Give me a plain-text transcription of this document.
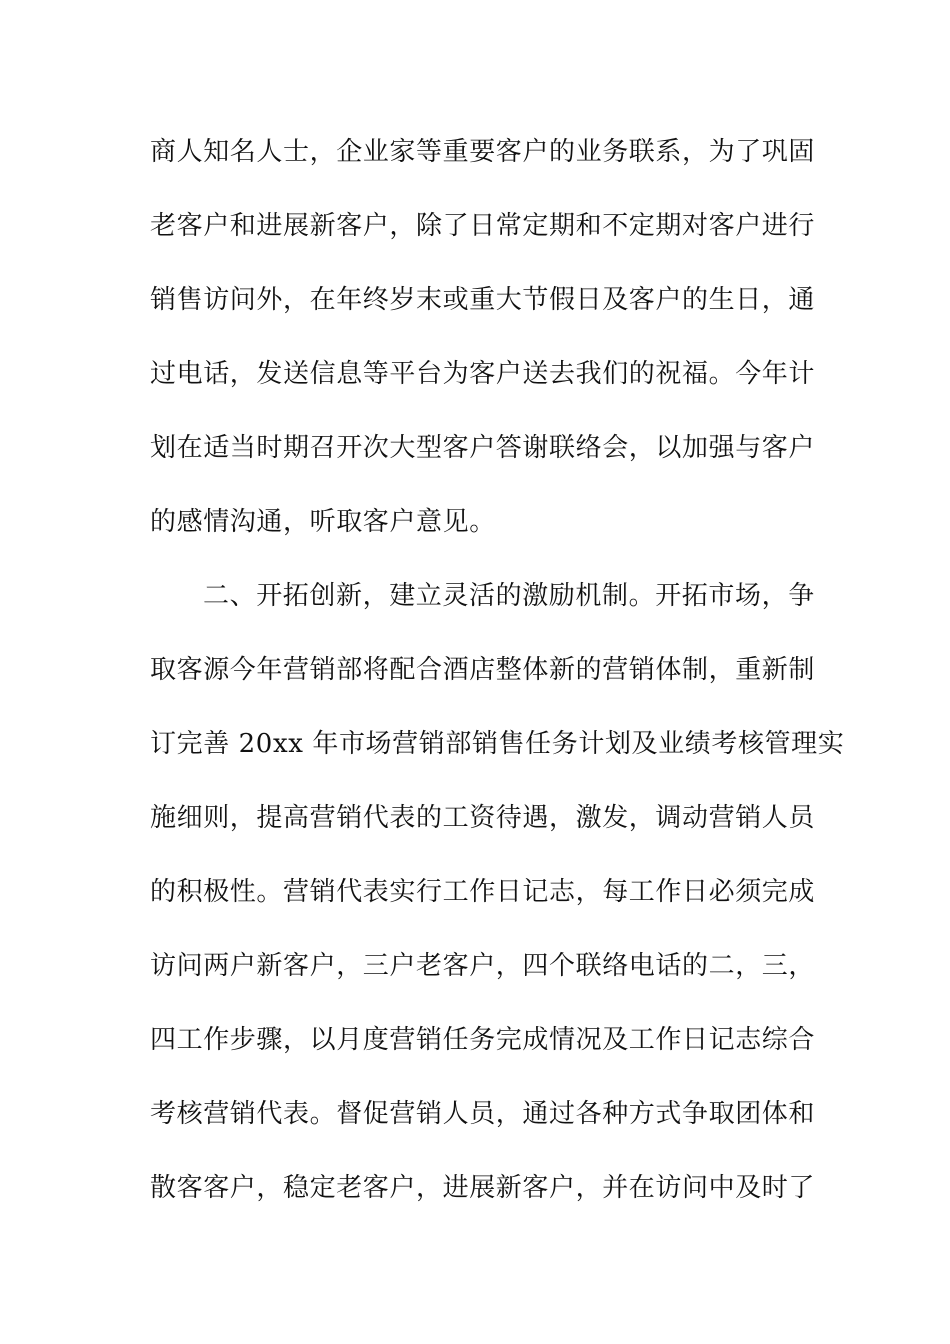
商人知名人士，企业家等重要客户的业务联系，为了巩固
老客户和进展新客户，除了日常定期和不定期对客户进行
销售访问外，在年终岁末或重大节假日及客户的生日，通
过电话，发送信息等平台为客户送去我们的祝福。今年计
划在适当时期召开次大型客户答谢联络会，以加强与客户
的感情沟通，听取客户意见。
二、开拓创新，建立灵活的激励机制。开拓市场，争
取客源今年营销部将配合酒店整体新的营销体制，重新制
订完善 20xx 年市场营销部销售任务计划及业绩考核管理实
施细则，提高营销代表的工资待遇，激发，调动营销人员
的积极性。营销代表实行工作日记志，每工作日必须完成
访问两户新客户，三户老客户，四个联络电话的二，三，
四工作步骤，以月度营销任务完成情况及工作日记志综合
考核营销代表。督促营销人员，通过各种方式争取团体和
散客客户，稳定老客户，进展新客户，并在访问中及时了
